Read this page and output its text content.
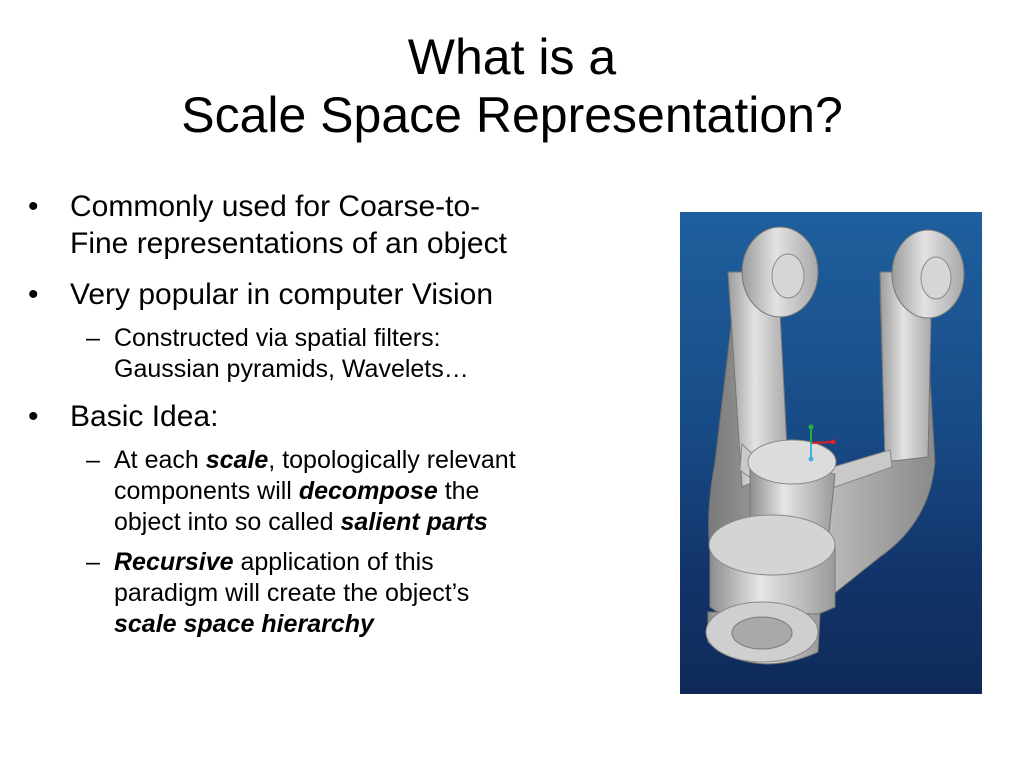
What is a
Scale Space Representation?
• Commonly used for Coarse-to-
Fine representations of an object
• Very popular in computer Vision
– Constructed via spatial filters:
Gaussian pyramids, Wavelets…
• Basic Idea:
– At each scale, topologically relevant
components will decompose the
object into so called salient parts
– Recursive application of this
paradigm will create the object’s
scale space hierarchy
